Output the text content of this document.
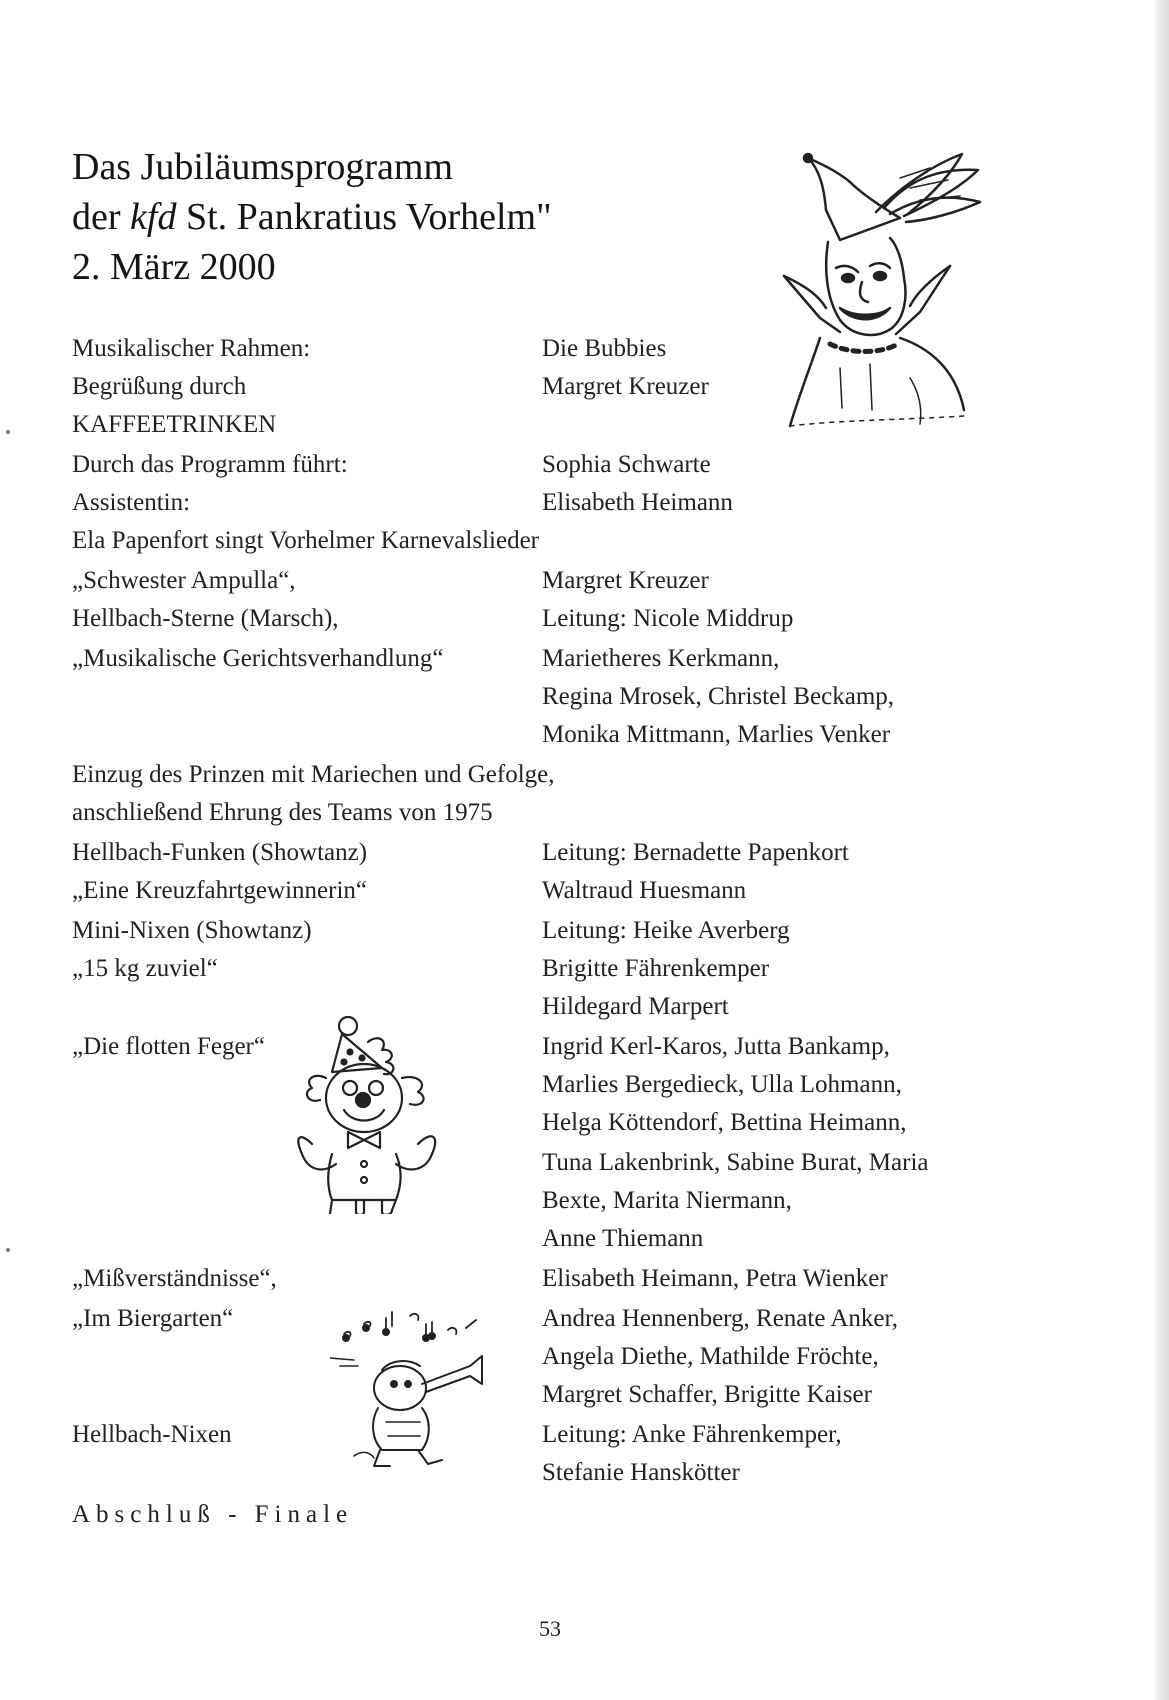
Das Jubiläumsprogramm
der kfd St. Pankratius Vorhelm"
2. März 2000
Musikalischer Rahmen:
Begrüßung durch
KAFFEETRINKEN
Durch das Programm führt:
Assistentin:
Ela Papenfort singt Vorhelmer Karnevalslieder
„Schwester Ampulla“,
Hellbach-Sterne (Marsch),
„Musikalische Gerichtsverhandlung“
Einzug des Prinzen mit Mariechen und Gefolge,
anschließend Ehrung des Teams von 1975
Hellbach-Funken (Showtanz)
„Eine Kreuzfahrtgewinnerin“
Mini-Nixen (Showtanz)
„15 kg zuviel“
„Die flotten Feger“
„Mißverständnisse“,
„Im Biergarten“
Hellbach-Nixen
Die Bubbies
Margret Kreuzer
Sophia Schwarte
Elisabeth Heimann
Margret Kreuzer
Leitung: Nicole Middrup
Marietheres Kerkmann,
Regina Mrosek, Christel Beckamp,
Monika Mittmann, Marlies Venker
Leitung: Bernadette Papenkort
Waltraud Huesmann
Leitung: Heike Averberg
Brigitte Fährenkemper
Hildegard Marpert
Ingrid Kerl-Karos, Jutta Bankamp,
Marlies Bergedieck, Ulla Lohmann,
Helga Köttendorf, Bettina Heimann,
Tuna Lakenbrink, Sabine Burat, Maria
Bexte, Marita Niermann,
Anne Thiemann
Elisabeth Heimann, Petra Wienker
Andrea Hennenberg, Renate Anker,
Angela Diethe, Mathilde Fröchte,
Margret Schaffer, Brigitte Kaiser
Leitung: Anke Fährenkemper,
Stefanie Hanskötter
Abschluß - Finale
53
